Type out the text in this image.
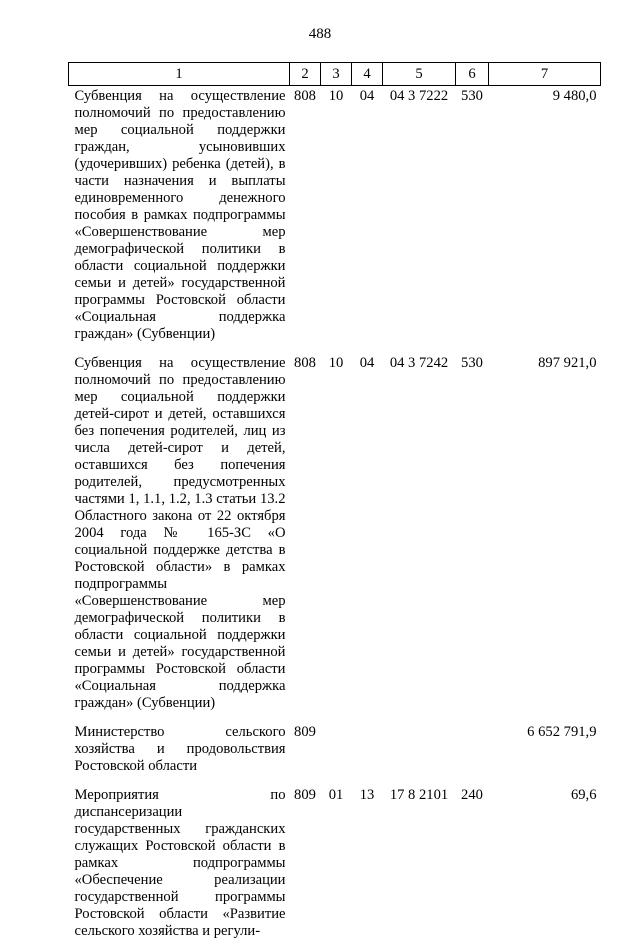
488
1	2	3	4	5	6	7
Субвенция на осуществление полномочий по предоставлению мер социальной поддержки граждан, усыновивших (удочеривших) ребенка (детей), в части назначения и выплаты единовременного денежного пособия в рамках подпрограммы «Совершенствование мер демографической политики в области социальной поддержки семьи и детей» государственной программы Ростовской области «Социальная поддержка граждан» (Субвенции)	808	10	04	04 3 7222	530	9 480,0
Субвенция на осуществление полномочий по предоставлению мер социальной поддержки детей-сирот и детей, оставшихся без попечения родителей, лиц из числа детей-сирот и детей, оставшихся без попечения родителей, предусмотренных частями 1, 1.1, 1.2, 1.3 статьи 13.2 Областного закона от 22 октября 2004 года № 165-ЗС «О социальной поддержке детства в Ростовской области» в рамках подпрограммы «Совершенствование мер демографической политики в области социальной поддержки семьи и детей» государственной программы Ростовской области «Социальная поддержка граждан» (Субвенции)	808	10	04	04 3 7242	530	897 921,0
Министерство сельского хозяйства и продовольствия Ростовской области	809					6 652 791,9
Мероприятия по диспансеризации государственных гражданских служащих Ростовской области в рамках подпрограммы «Обеспечение реализации государственной программы Ростовской области «Развитие сельского хозяйства и регули-	809	01	13	17 8 2101	240	69,6
